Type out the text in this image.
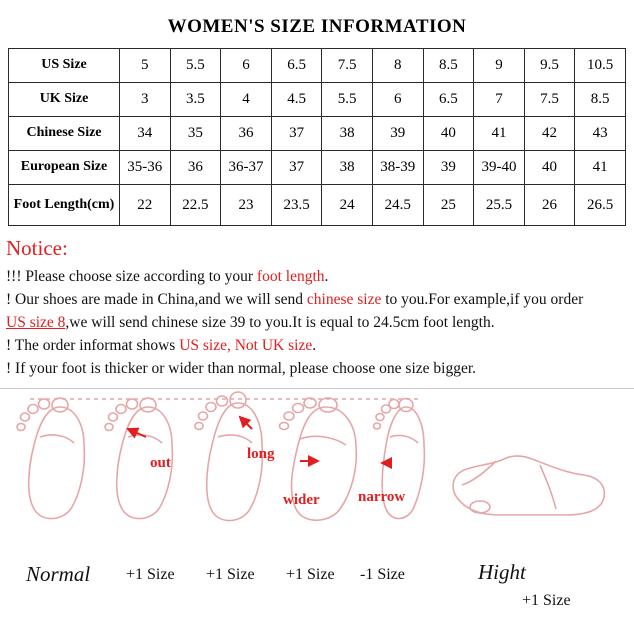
WOMEN'S SIZE INFORMATION
US Size	5	5.5	6	6.5	7.5	8	8.5	9	9.5	10.5
UK Size	3	3.5	4	4.5	5.5	6	6.5	7	7.5	8.5
Chinese Size	34	35	36	37	38	39	40	41	42	43
European Size	35-36	36	36-37	37	38	38-39	39	39-40	40	41
Foot Length(cm)	22	22.5	23	23.5	24	24.5	25	25.5	26	26.5
Notice:
!!! Please choose size according to your foot length.
! Our shoes are made in China,and we will send chinese size to you.For example,if you order
US size 8,we will send chinese size 39 to you.It is equal to 24.5cm foot length.
! The order informat shows US size, Not UK size.
! If your foot is thicker or wider than normal, please choose one size bigger.
out
long
wider	narrow
Normal +1 Size +1 Size +1 Size -1 Size	Hight
+1 Size
